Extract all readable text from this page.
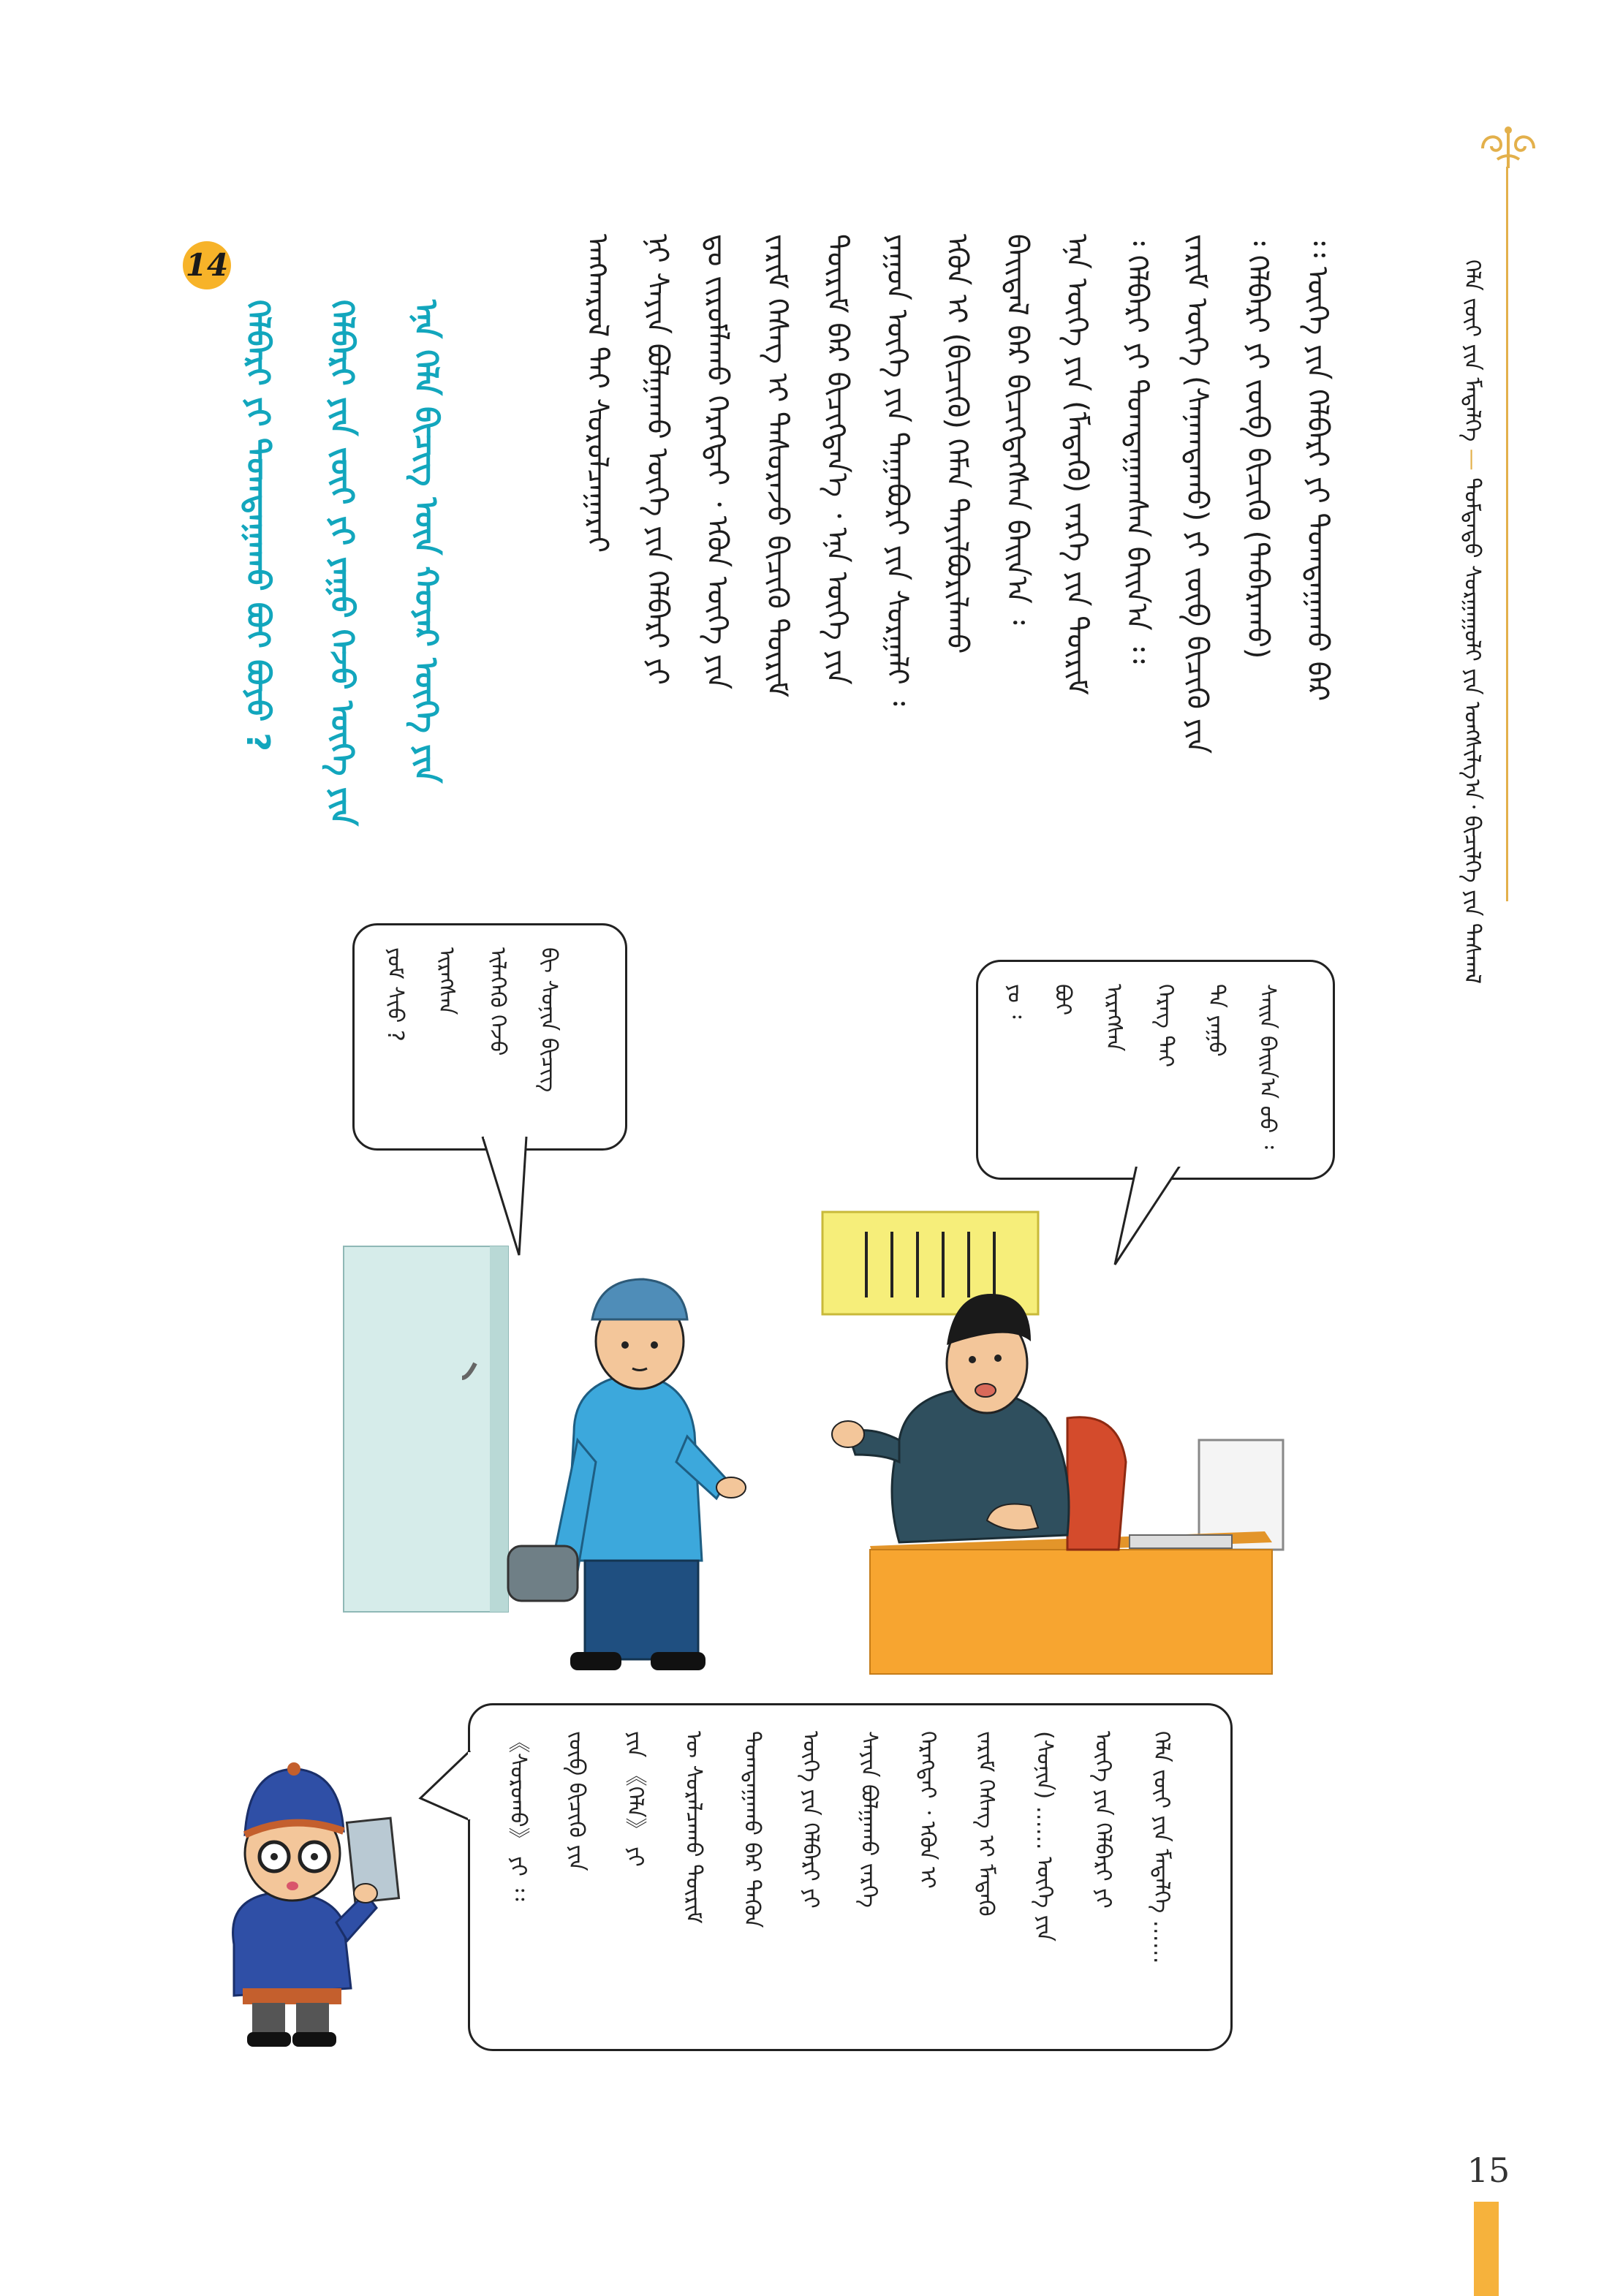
ᠬᠡᠯᠡ ᠵᠦᠢ ᠶᠢᠨ ᠮᠡᠳᠡᠯᠭᠡ — ᠳᠤᠮᠳᠠᠳᠤ ᠰᠤᠷᠭᠠᠭᠤᠯᠢ ᠶᠢᠨ ᠤᠩᠰᠢᠯᠭ᠎ᠠ᠂ ᠪᠢᠴᠢᠯᠭᠡ ᠶᠢᠨ ᠳᠠᠰᠬᠠᠯ
᠄᠄ ᠦᠭᠡ ᠶᠢᠨ ᠬᠡᠯᠪᠡᠷᠢ ᠶᠢ ᠲᠣᠭᠲᠠᠭᠠᠬᠤ ᠪᠡᠷ
᠄ ᠬᠡᠯᠪᠡᠷᠢ ᠶᠢ ᠵᠥᠪ ᠪᠢᠴᠢᠬᠦ (ᠲᠠᠪᠠᠷᠠᠬᠤ)
ᠵᠠᠷᠢᠮ ᠦᠭᠡ (ᠰᠠᠨᠠᠭᠳᠠᠬᠤ) ᠶᠢ ᠵᠥᠪ ᠪᠢᠴᠢᠬᠦ ᠶᠢᠨ
᠄ ᠬᠡᠯᠪᠡᠷᠢ ᠶᠢ ᠲᠣᠭᠲᠠᠭᠠᠭᠰᠠᠨ ᠪᠠᠢᠨ᠎ᠠ ᠄᠄
ᠡᠨᠡ ᠦᠭᠡ ᠶᠢᠨ (ᠮᠡᠳᠡᠬᠦ) ᠵᠡᠷᠭᠡ ᠶᠢᠨ ᠳᠦᠷᠢᠮ
ᠪᠠᠢᠳᠠᠯ ᠪᠡᠷ ᠪᠢᠴᠢᠭᠳᠡᠭᠰᠡᠨ ᠪᠠᠢᠨ᠎ᠠ ᠄
ᠡᠭᠦᠨ ᠢ (ᠪᠢᠴᠢᠬᠦ) ᠬᠡᠮᠡᠨ ᠲᠠᠶᠢᠯᠪᠤᠷᠢᠯᠠᠬᠤ
ᠶᠠᠭᠤᠨ ᠦᠭᠡ ᠶᠢᠨ ᠳᠠᠭᠠᠪᠤᠷᠢ ᠶᠢᠨ ᠰᠤᠷᠭᠠᠯᠢ ᠄
ᠳᠦᠷᠢᠮ ᠪᠡᠷ ᠪᠢᠴᠢᠭᠳᠡᠨ᠎ᠡ ᠂ ᠡᠨᠡ ᠦᠭᠡ ᠶᠢᠨ
ᠵᠠᠷᠢᠮ ᠬᠡᠰᠡᠭ ᠢ ᠲᠠᠰᠤᠷᠠᠵᠤ ᠪᠢᠴᠢᠬᠦ ᠳᠦᠷᠢᠮ
ᠳᠤ ᠵᠢᠷᠤᠮᠯᠠᠬᠤ ᠬᠡᠷᠡᠭᠲᠡᠢ ᠂ ᠡᠭᠦᠨ ᠦᠭᠡ ᠶᠢᠨ
ᠨᠢ ᠰᠠᠶᠢᠨ ᠪᠣᠯᠭᠠᠬᠤ ᠦᠭᠡ ᠶᠢᠨ ᠬᠡᠯᠪᠡᠷᠢ ᠶᠢ
ᠠᠩᠬᠠᠷᠤᠯ ᠲᠠᠶ ᠰᠤᠷᠤᠯᠴᠠᠭᠠᠷᠠᠢ
14
ᠡᠨᠡ ᠬᠡᠯᠡ ᠪᠢᠴᠢᠭ ᠦᠨ ᠬᠣᠶᠠᠷ ᠦᠭᠡ ᠶᠢᠨ
ᠬᠡᠯᠪᠡᠷᠢ ᠶᠢᠨ ᠵᠦᠢ ᠶᠢ ᠶᠠᠭᠤ ᠭᠡᠵᠦ ᠦᠭᠡ ᠶᠢᠨ
ᠬᠡᠯᠪᠡᠷᠢ ᠶᠢ ᠲᠣᠭᠲᠠᠭᠠᠬᠤ ᠪᠤᠢ ᠪᠤᠶᠤ ?
ᠰᠠᠢᠨ ᠪᠠᠢᠨ᠎ᠠ ᠤᠤ ᠄
ᠲᠠ ᠶᠠᠭᠤ
ᠬᠡᠷᠡᠭ ᠲᠡᠢ
ᠢᠷᠡᠭᠰᠡᠨ
ᠪᠤᠢ
ᠶᠤ ᠄
ᠪᠢ ᠰᠣᠨᠢᠨ ᠪᠢᠴᠢᠭ
ᠢᠯᠡᠭᠡᠬᠦ ᠭᠡᠵᠦ
ᠢᠷᠡᠭᠰᠡᠨ
ᠶᠤᠮ ᠰᠢᠦ ?
ᠬᠡᠯᠡ ᠵᠦᠢ ᠶᠢᠨ ᠮᠡᠳᠡᠯᠭᠡ ……
ᠦᠭᠡ ᠶᠢᠨ ᠬᠡᠯᠪᠡᠷᠢ ᠶᠢ
(ᠰᠣᠨᠢᠨ) …… ᠦᠭᠡ ᠶᠢᠨ
ᠵᠠᠷᠢᠮ ᠬᠡᠰᠡᠭ ᠢ ᠮᠡᠳᠡᠬᠦ
ᠬᠡᠷᠡᠭᠲᠡᠢ ᠂ ᠡᠭᠦᠨ ᠢ
ᠰᠠᠶᠢᠨ ᠪᠣᠯᠭᠠᠬᠤ ᠵᠡᠷᠭᠡ
ᠦᠭᠡ ᠶᠢᠨ ᠬᠡᠯᠪᠡᠷᠢ ᠶᠢ
ᠲᠣᠭᠲᠠᠭᠠᠬᠤ ᠪᠡᠷ ᠲᠡᠭᠦᠨ
ᠦ ᠰᠤᠷᠠᠯᠴᠠᠬᠤ ᠳᠦᠷᠢᠮ
ᠶᠢᠨ 《ᠬᠡᠯᠡ》 ᠶᠢ
ᠵᠥᠪ ᠪᠢᠴᠢᠬᠦ ᠶᠢᠨ
《ᠰᠤᠷᠤᠬᠤ》 ᠶᠢ ᠄᠄
15
